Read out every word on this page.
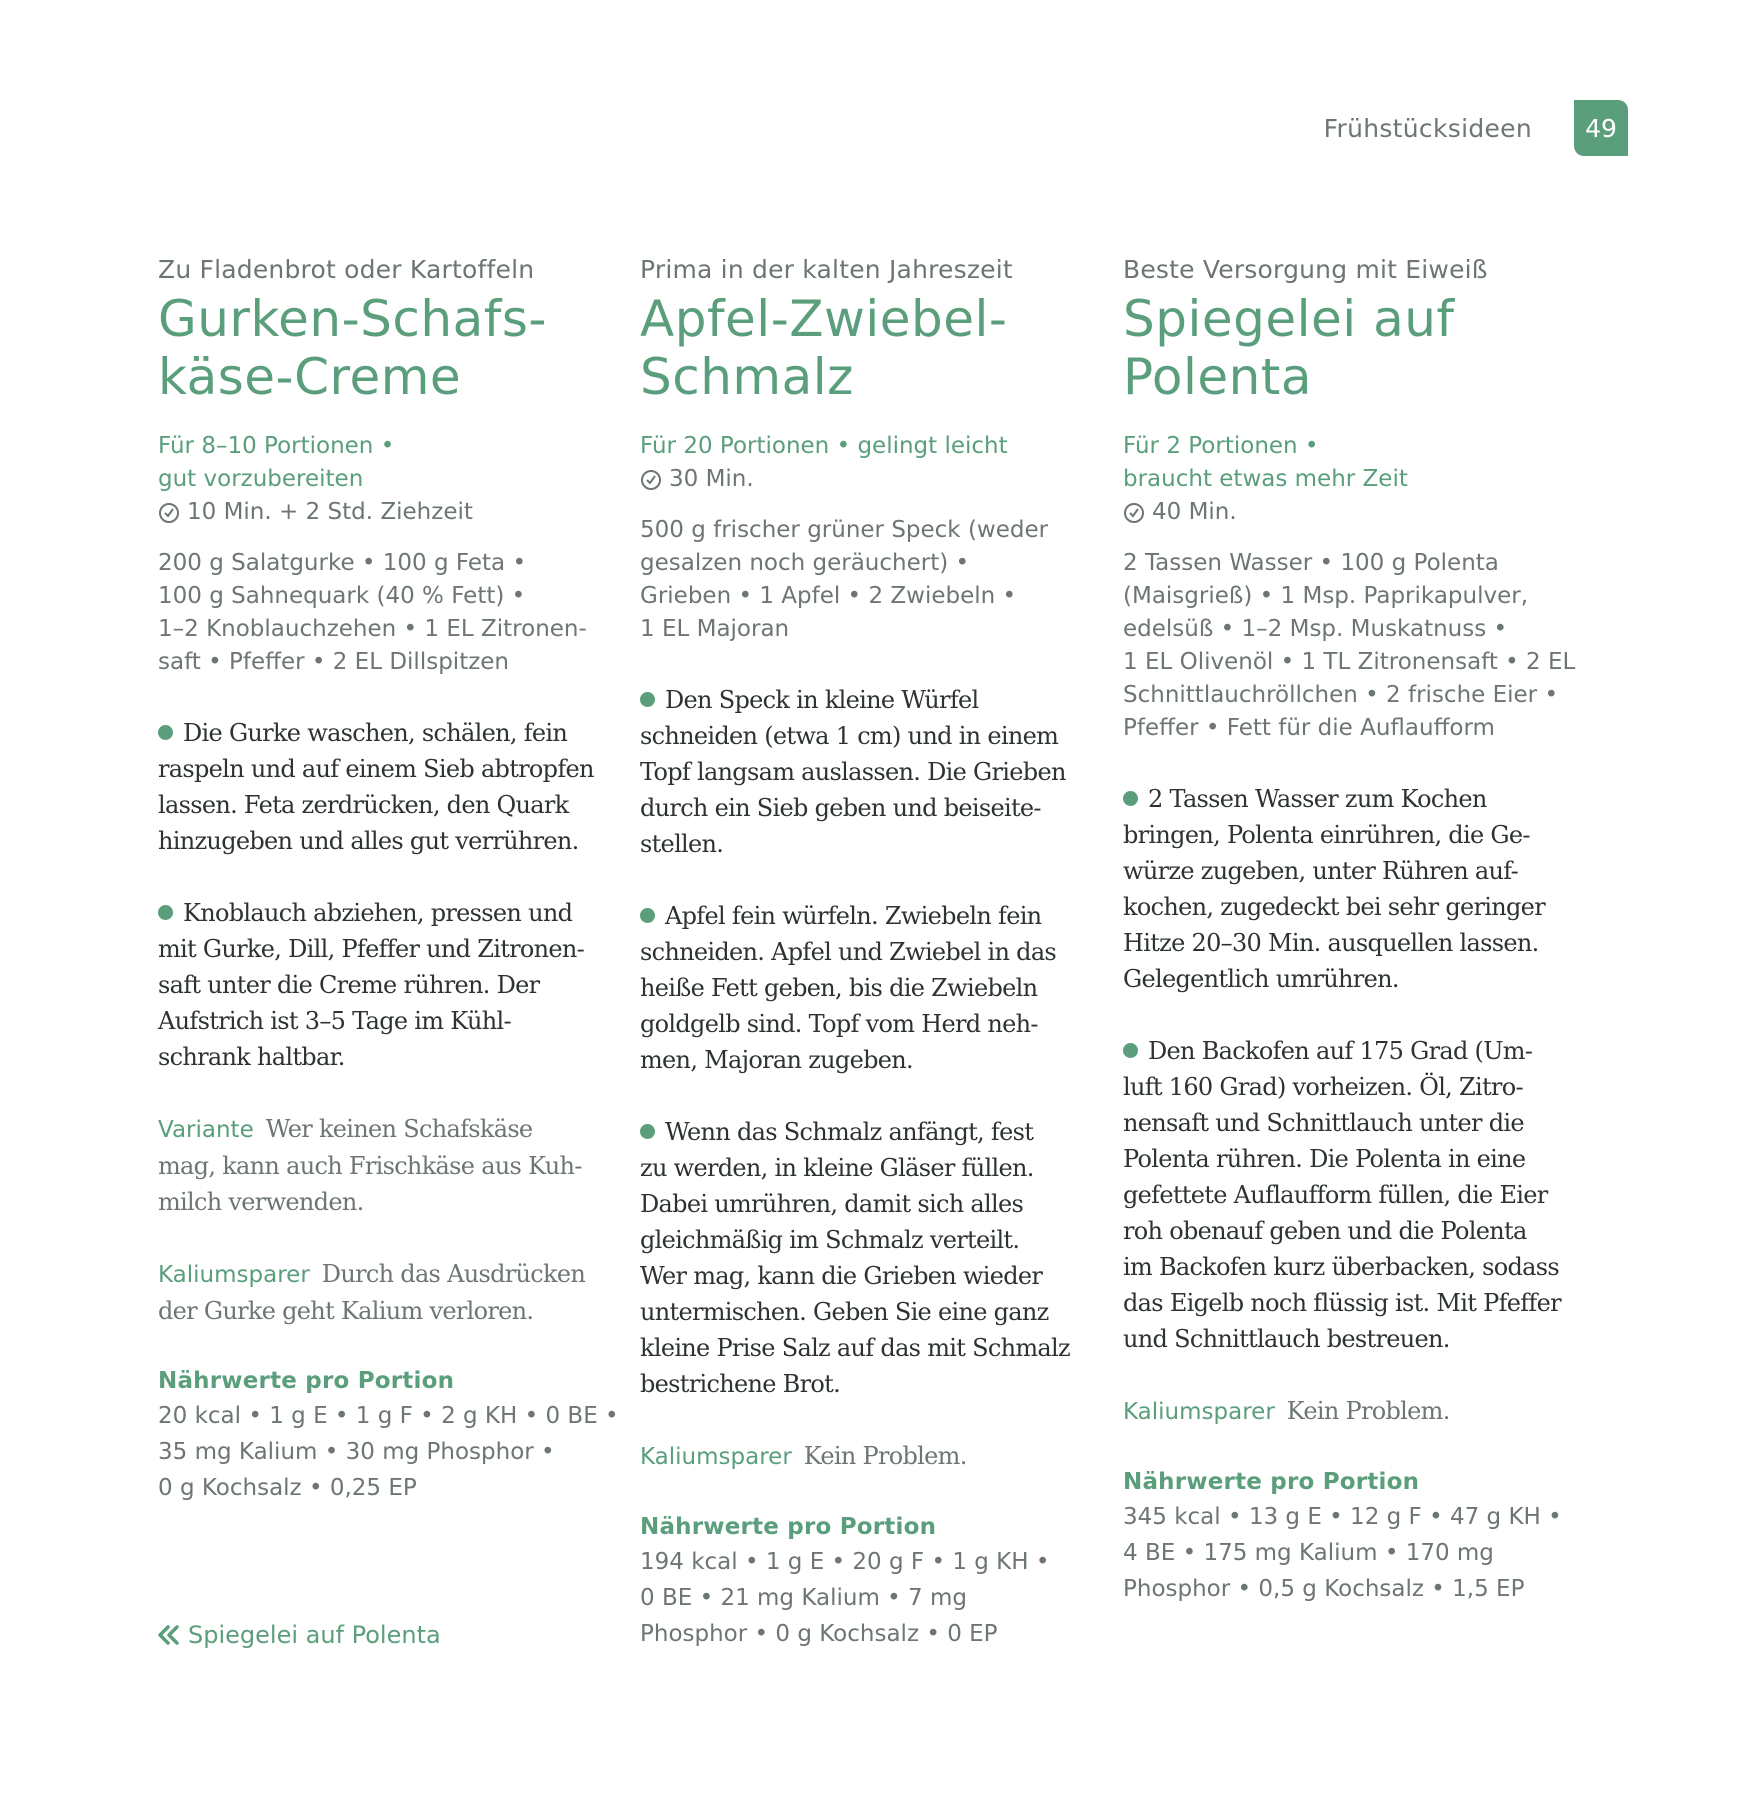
Frühstücksideen	49
Zu Fladenbrot oder Kartoffeln
Gurken-Schafs-
käse-Creme
Für 8–10 Portionen •
gut vorzubereiten
10 Min. + 2 Std. Ziehzeit
200 g Salatgurke • 100 g Feta •
100 g Sahnequark (40 % Fett) •
1–2 Knoblauchzehen • 1 EL Zitronen-
saft • Pfeffer • 2 EL Dillspitzen
Die Gurke waschen, schälen, fein
raspeln und auf einem Sieb abtropfen
lassen. Feta zerdrücken, den Quark
hinzugeben und alles gut verrühren.
Knoblauch abziehen, pressen und
mit Gurke, Dill, Pfeffer und Zitronen-
saft unter die Creme rühren. Der
Aufstrich ist 3–5 Tage im Kühl-
schrank haltbar.
Variante Wer keinen Schafskäse
mag, kann auch Frischkäse aus Kuh-
milch verwenden.
Kaliumsparer Durch das Ausdrücken
der Gurke geht Kalium verloren.
Nährwerte pro Portion
20 kcal • 1 g E • 1 g F • 2 g KH • 0 BE •
35 mg Kalium • 30 mg Phosphor •
0 g Kochsalz • 0,25 EP
Prima in der kalten Jahreszeit
Apfel-Zwiebel-
Schmalz
Für 20 Portionen • gelingt leicht
30 Min.
500 g frischer grüner Speck (weder
gesalzen noch geräuchert) •
Grieben • 1 Apfel • 2 Zwiebeln •
1 EL Majoran
Den Speck in kleine Würfel
schneiden (etwa 1 cm) und in einem
Topf langsam auslassen. Die Grieben
durch ein Sieb geben und beiseite-
stellen.
Apfel fein würfeln. Zwiebeln fein
schneiden. Apfel und Zwiebel in das
heiße Fett geben, bis die Zwiebeln
goldgelb sind. Topf vom Herd neh-
men, Majoran zugeben.
Wenn das Schmalz anfängt, fest
zu werden, in kleine Gläser füllen.
Dabei umrühren, damit sich alles
gleichmäßig im Schmalz verteilt.
Wer mag, kann die Grieben wieder
untermischen. Geben Sie eine ganz
kleine Prise Salz auf das mit Schmalz
bestrichene Brot.
Kaliumsparer Kein Problem.
Nährwerte pro Portion
194 kcal • 1 g E • 20 g F • 1 g KH •
0 BE • 21 mg Kalium • 7 mg
Phosphor • 0 g Kochsalz • 0 EP
Beste Versorgung mit Eiweiß
Spiegelei auf
Polenta
Für 2 Portionen •
braucht etwas mehr Zeit
40 Min.
2 Tassen Wasser • 100 g Polenta
(Maisgrieß) • 1 Msp. Paprikapulver,
edelsüß • 1–2 Msp. Muskatnuss •
1 EL Olivenöl • 1 TL Zitronensaft • 2 EL
Schnittlauchröllchen • 2 frische Eier •
Pfeffer • Fett für die Auflaufform
2 Tassen Wasser zum Kochen
bringen, Polenta einrühren, die Ge-
würze zugeben, unter Rühren auf-
kochen, zugedeckt bei sehr geringer
Hitze 20–30 Min. ausquellen lassen.
Gelegentlich umrühren.
Den Backofen auf 175 Grad (Um-
luft 160 Grad) vorheizen. Öl, Zitro-
nensaft und Schnittlauch unter die
Polenta rühren. Die Polenta in eine
gefettete Auflaufform füllen, die Eier
roh obenauf geben und die Polenta
im Backofen kurz überbacken, sodass
das Eigelb noch flüssig ist. Mit Pfeffer
und Schnittlauch bestreuen.
Kaliumsparer Kein Problem.
Nährwerte pro Portion
345 kcal • 13 g E • 12 g F • 47 g KH •
4 BE • 175 mg Kalium • 170 mg
Phosphor • 0,5 g Kochsalz • 1,5 EP
Spiegelei auf Polenta
